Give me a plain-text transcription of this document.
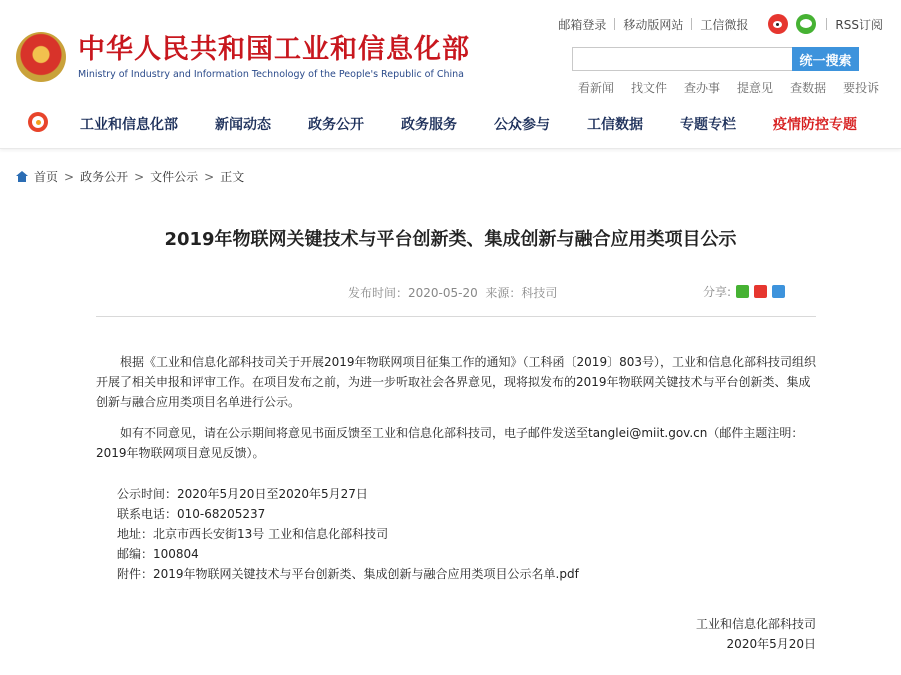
邮箱登录	移动版网站	工信微报	RSS订阅
中华人民共和国工业和信息化部
Ministry of Industry and Information Technology of the People's Republic of China
统一搜索
看新闻 找文件 查办事 提意见 查数据 要投诉
工业和信息化部	新闻动态	政务公开	政务服务	公众参与	工信数据	专题专栏	疫情防控专题
首页 > 政务公开 > 文件公示 > 正文
2019年物联网关键技术与平台创新类、集成创新与融合应用类项目公示
发布时间：2020-05-20  来源：科技司	分享:

根据《工业和信息化部科技司关于开展2019年物联网项目征集工作的通知》（工科函〔2019〕803号），工业和信息化部科技司组织开展了相关申报和评审工作。在项目发布之前，为进一步听取社会各界意见，现将拟发布的2019年物联网关键技术与平台创新类、集成创新与融合应用类项目名单进行公示。

如有不同意见，请在公示期间将意见书面反馈至工业和信息化部科技司，电子邮件发送至tanglei@miit.gov.cn（邮件主题注明：2019年物联网项目意见反馈）。

公示时间：2020年5月20日至2020年5月27日
联系电话：010-68205237
地址：北京市西长安街13号 工业和信息化部科技司
邮编：100804
附件：2019年物联网关键技术与平台创新类、集成创新与融合应用类项目公示名单.pdf
工业和信息化部科技司
2020年5月20日
